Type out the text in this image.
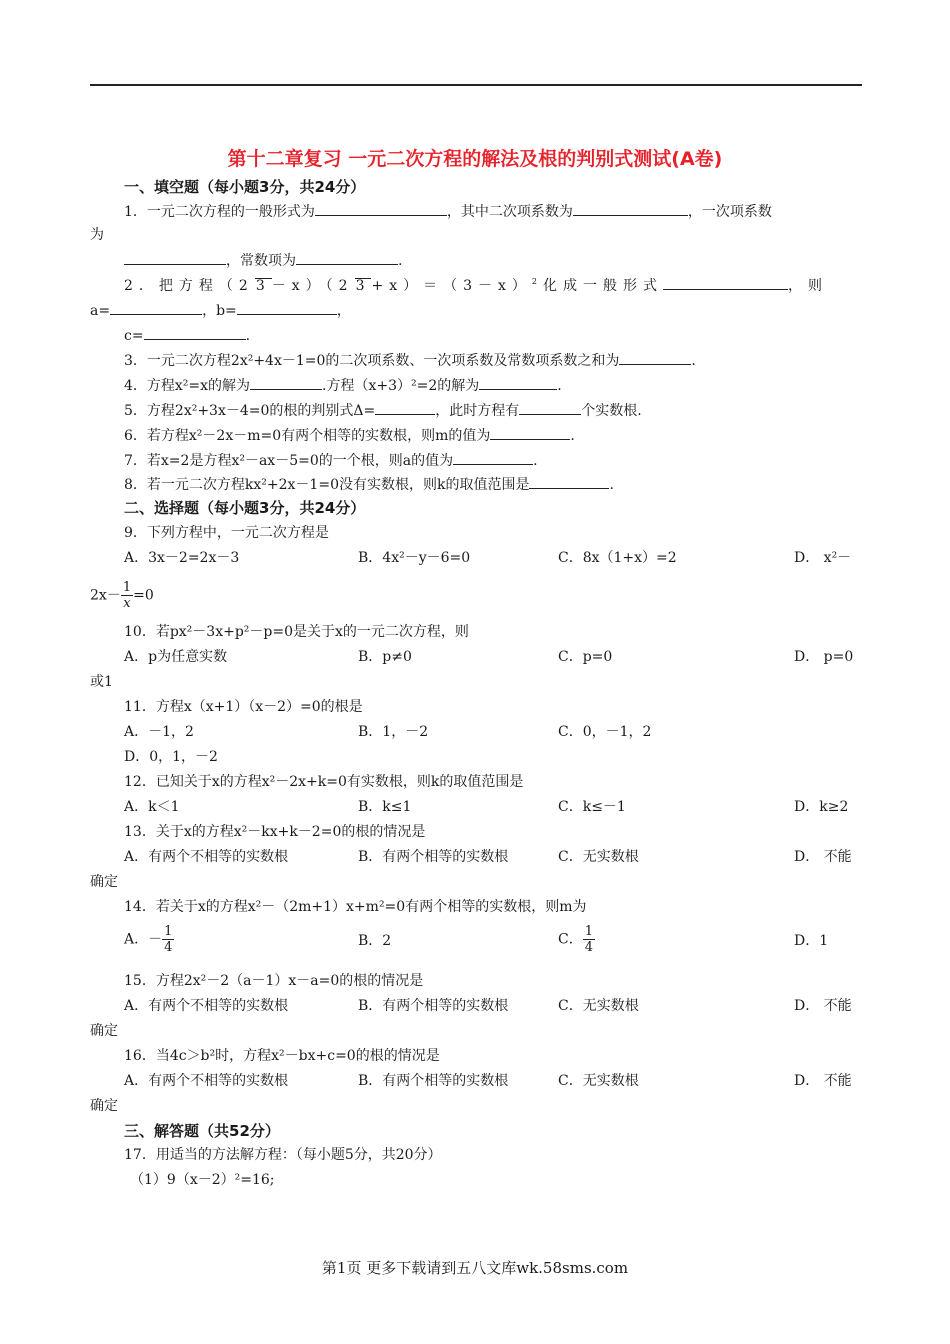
第十二章复习 一元二次方程的解法及根的判别式测试(A卷)
一、填空题（每小题3分，共24分）
1．一元二次方程的一般形式为	，其中二次项系数为	，一次项系数
为
，常数项为	.
2．把方程（2 3－x）（2 $3+x)=(3-x)^2$化成一般形式	，则
a=	，b=	，
c=	.
3．一元二次方程2x²+4x－1=0的二次项系数、一次项系数及常数项系数之和为	.
4．方程x²=x的解为	.方程（x+3）²=2的解为	.
5．方程2x²+3x－4=0的根的判别式Δ=	，此时方程有	个实数根.
6．若方程x²－2x－m=0有两个相等的实数根，则m的值为	.
7．若x=2是方程x²－ax－5=0的一个根，则a的值为	.
8．若一元二次方程kx²+2x－1=0没有实数根，则k的取值范围是	.
二、选择题（每小题3分，共24分）
9．下列方程中，一元二次方程是
A．3x－2=2x－3	B．4x²－y－6=0	C．8x（1+x）=2	D． x²－
$2x- \frac{1}{x} =0$
10．若px²－3x+p²－p=0是关于x的一元二次方程，则
A．p为任意实数	B．p≠0	C．p=0	D． p=0
或1
11．方程x（x+1）（x－2）=0的根是
A．－1，2	B．1，－2	C．0，－1，2
D．0，1，－2
12．已知关于x的方程x²－2x+k=0有实数根，则k的取值范围是
A．k＜1	B．k≤1	C．k≤－1	D．k≥2
13．关于x的方程x²－kx+k－2=0的根的情况是
A．有两个不相等的实数根	B．有两个相等的实数根	C．无实数根	D． 不能
确定
14．若关于x的方程x²－（2m+1）x+m²=0有两个相等的实数根，则m为
A．－ $\frac{1}{4}$	B．2	C． $\frac{1}{4}$	D．1
15．方程2x²－2（a－1）x－a=0的根的情况是
A．有两个不相等的实数根	B．有两个相等的实数根	C．无实数根	D． 不能
确定
16．当4c＞b²时，方程x²－bx+c=0的根的情况是
A．有两个不相等的实数根	B．有两个相等的实数根	C．无实数根	D． 不能
确定
三、解答题（共52分）
17．用适当的方法解方程：（每小题5分，共20分）
（1）9（x－2）²=16;
第1页 更多下载请到五八文库wk.58sms.com
